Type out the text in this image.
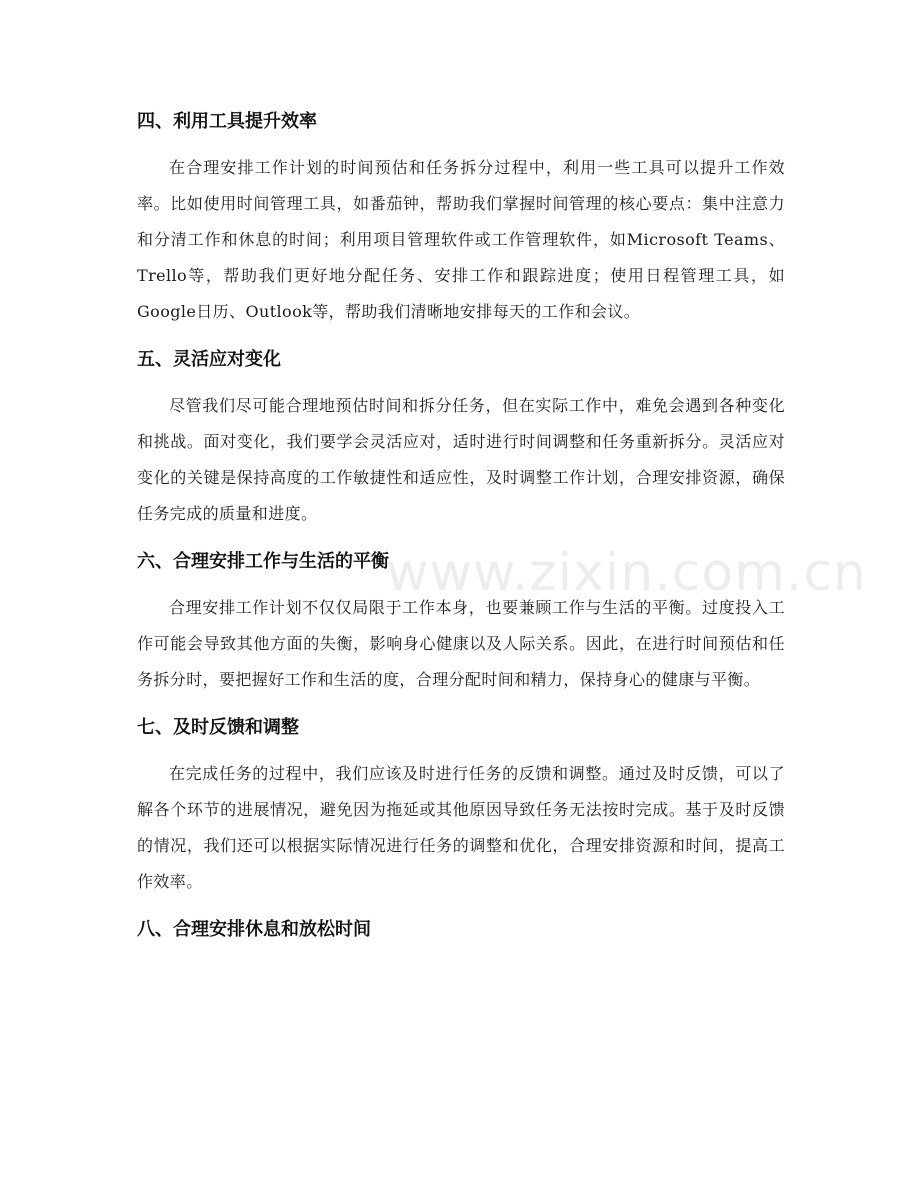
四、利用工具提升效率

在合理安排工作计划的时间预估和任务拆分过程中，利用一些工具可以提升工作效率。比如使用时间管理工具，如番茄钟，帮助我们掌握时间管理的核心要点：集中注意力和分清工作和休息的时间；利用项目管理软件或工作管理软件，如Microsoft Teams、Trello等，帮助我们更好地分配任务、安排工作和跟踪进度；使用日程管理工具，如Google日历、Outlook等，帮助我们清晰地安排每天的工作和会议。

五、灵活应对变化

尽管我们尽可能合理地预估时间和拆分任务，但在实际工作中，难免会遇到各种变化和挑战。面对变化，我们要学会灵活应对，适时进行时间调整和任务重新拆分。灵活应对变化的关键是保持高度的工作敏捷性和适应性，及时调整工作计划，合理安排资源，确保任务完成的质量和进度。

六、合理安排工作与生活的平衡

合理安排工作计划不仅仅局限于工作本身，也要兼顾工作与生活的平衡。过度投入工作可能会导致其他方面的失衡，影响身心健康以及人际关系。因此，在进行时间预估和任务拆分时，要把握好工作和生活的度，合理分配时间和精力，保持身心的健康与平衡。

七、及时反馈和调整

在完成任务的过程中，我们应该及时进行任务的反馈和调整。通过及时反馈，可以了解各个环节的进展情况，避免因为拖延或其他原因导致任务无法按时完成。基于及时反馈的情况，我们还可以根据实际情况进行任务的调整和优化，合理安排资源和时间，提高工作效率。

八、合理安排休息和放松时间
www.zixin.com.cn
